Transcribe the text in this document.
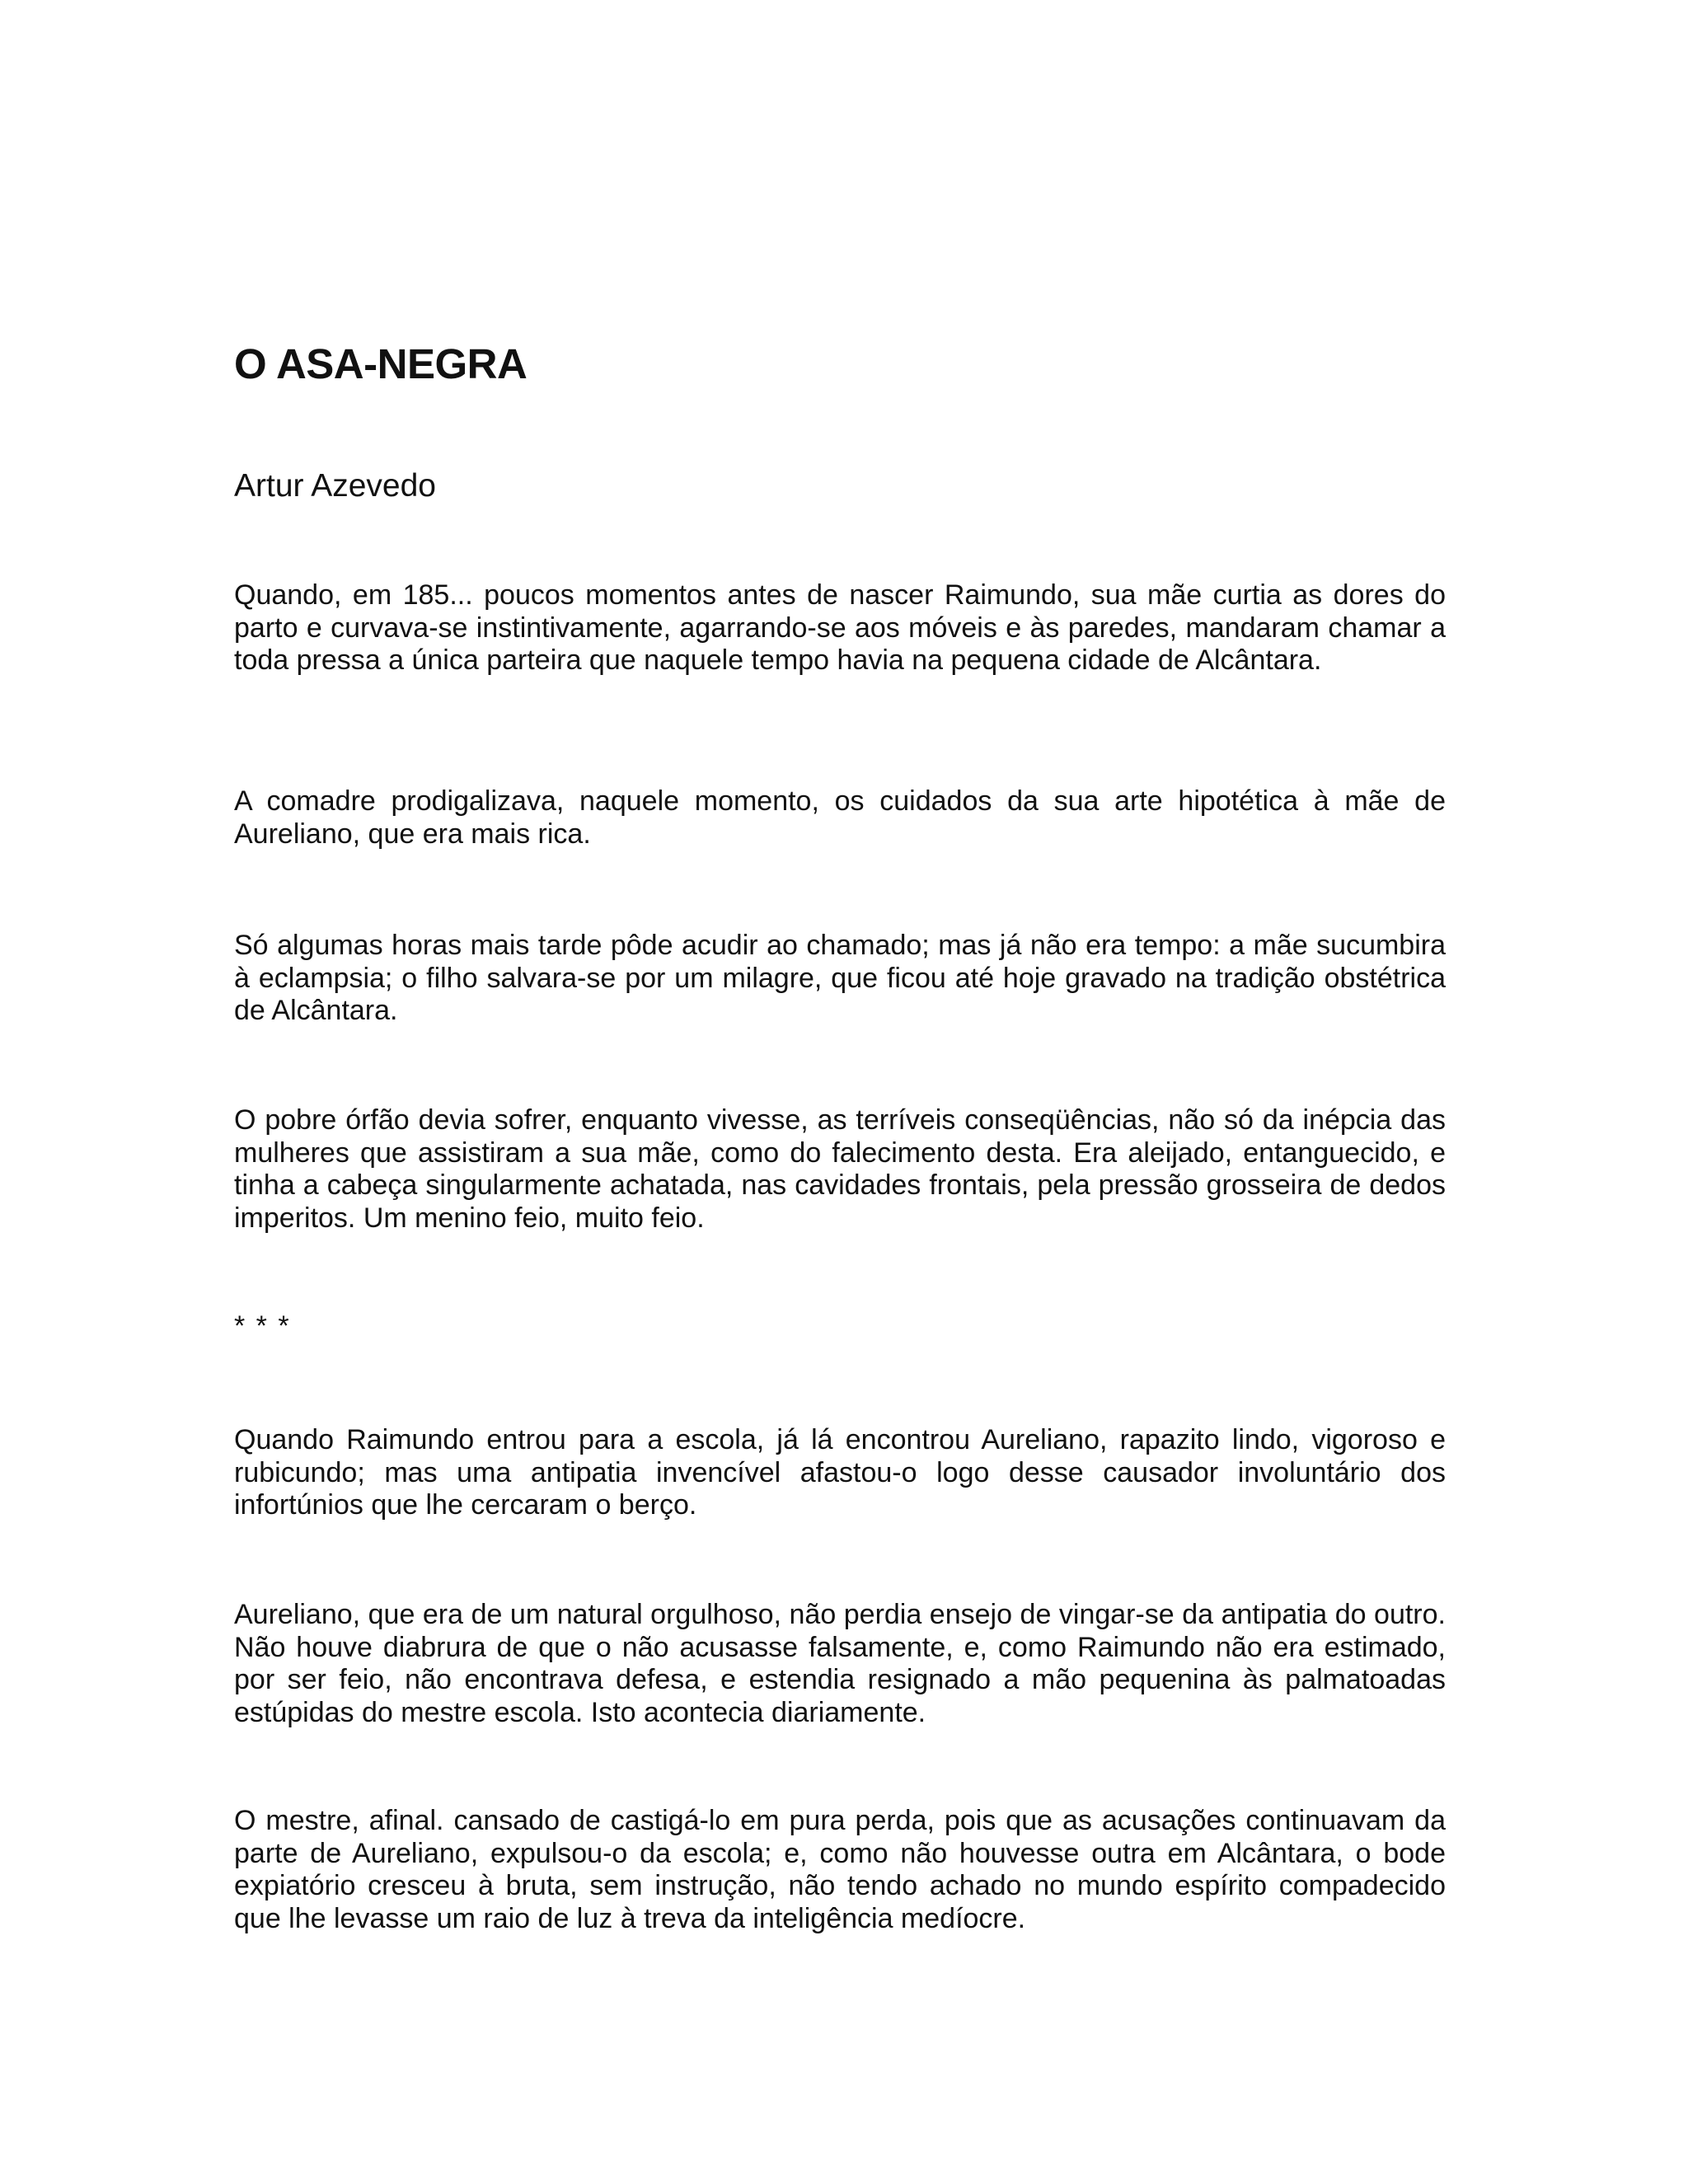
O ASA-NEGRA
Artur Azevedo

Quando, em 185... poucos momentos antes de nascer Raimundo, sua mãe curtia as dores do parto e curvava-se instintivamente, agarrando-se aos móveis e às paredes, mandaram chamar a toda pressa a única parteira que naquele tempo havia na pequena cidade de Alcântara.

A comadre prodigalizava, naquele momento, os cuidados da sua arte hipotética à mãe de Aureliano, que era mais rica.

Só algumas horas mais tarde pôde acudir ao chamado; mas já não era tempo: a mãe sucumbira à eclampsia; o filho salvara-se por um milagre, que ficou até hoje gravado na tradição obstétrica de Alcântara.

O pobre órfão devia sofrer, enquanto vivesse, as terríveis conseqüências, não só da inépcia das mulheres que assistiram a sua mãe, como do falecimento desta. Era aleijado, entanguecido, e tinha a cabeça singularmente achatada, nas cavidades frontais, pela pressão grosseira de dedos imperitos. Um menino feio, muito feio.

* * *

Quando Raimundo entrou para a escola, já lá encontrou Aureliano, rapazito lindo, vigoroso e rubicundo; mas uma antipatia invencível afastou-o logo desse causador involuntário dos infortúnios que lhe cercaram o berço.

Aureliano, que era de um natural orgulhoso, não perdia ensejo de vingar-se da antipatia do outro. Não houve diabrura de que o não acusasse falsamente, e, como Raimundo não era estimado, por ser feio, não encontrava defesa, e estendia resignado a mão pequenina às palmatoadas estúpidas do mestre escola. Isto acontecia diariamente.

O mestre, afinal. cansado de castigá-lo em pura perda, pois que as acusações continuavam da parte de Aureliano, expulsou-o da escola; e, como não houvesse outra em Alcântara, o bode expiatório cresceu à bruta, sem instrução, não tendo achado no mundo espírito compadecido que lhe levasse um raio de luz à treva da inteligência medíocre.
